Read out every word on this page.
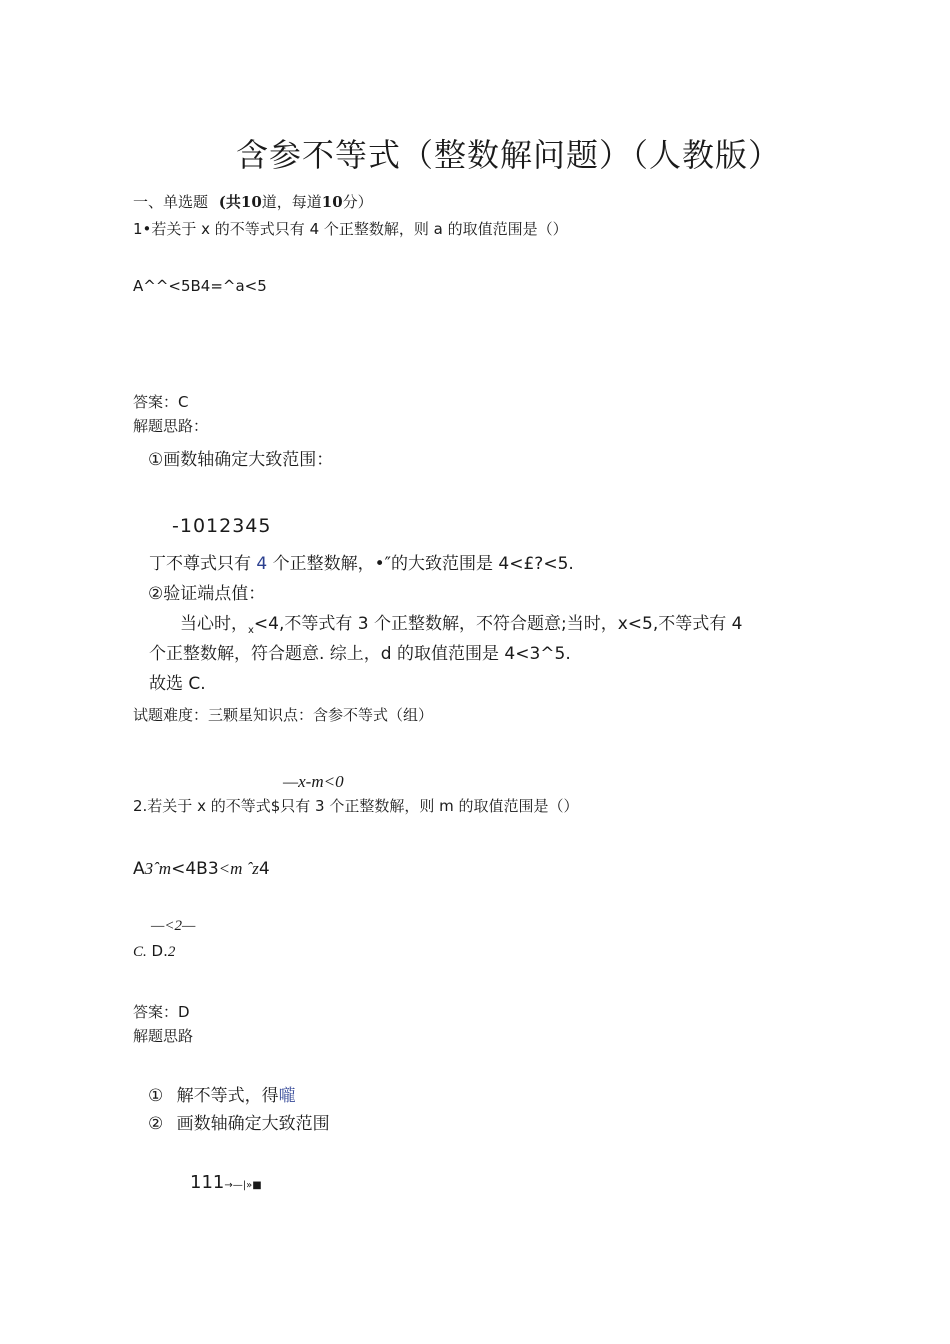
含参不等式（整数解问题）（人教版）
一、单选题 (共10道，每道10分）
1•若关于 x 的不等式只有 4 个正整数解，则 a 的取值范围是（）
A^^<5B4=^a<5
答案：C
解题思路：
①画数轴确定大致范围：
-1012345
丁不尊式只有 4 个正整数解，•″的大致范围是 4<£?<5.
②验证端点值：
当心时，$_x$<4,不等式有 3 个正整数解，不符合题意;当时，x<5,不等式有 4
个正整数解，符合题意. 综上，d 的取值范围是 4<3^5.
故选 C.
试题难度：三颗星知识点：含参不等式（组）
—x-m<0
2.若关于 x 的不等式$只有 3 个正整数解，则 m 的取值范围是（）
A3ˆm<4B3<m ˆz4
—<2—
C. D.2
答案：D
解题思路
① 解不等式，得嚨
② 画数轴确定大致范围
111→—|»■
